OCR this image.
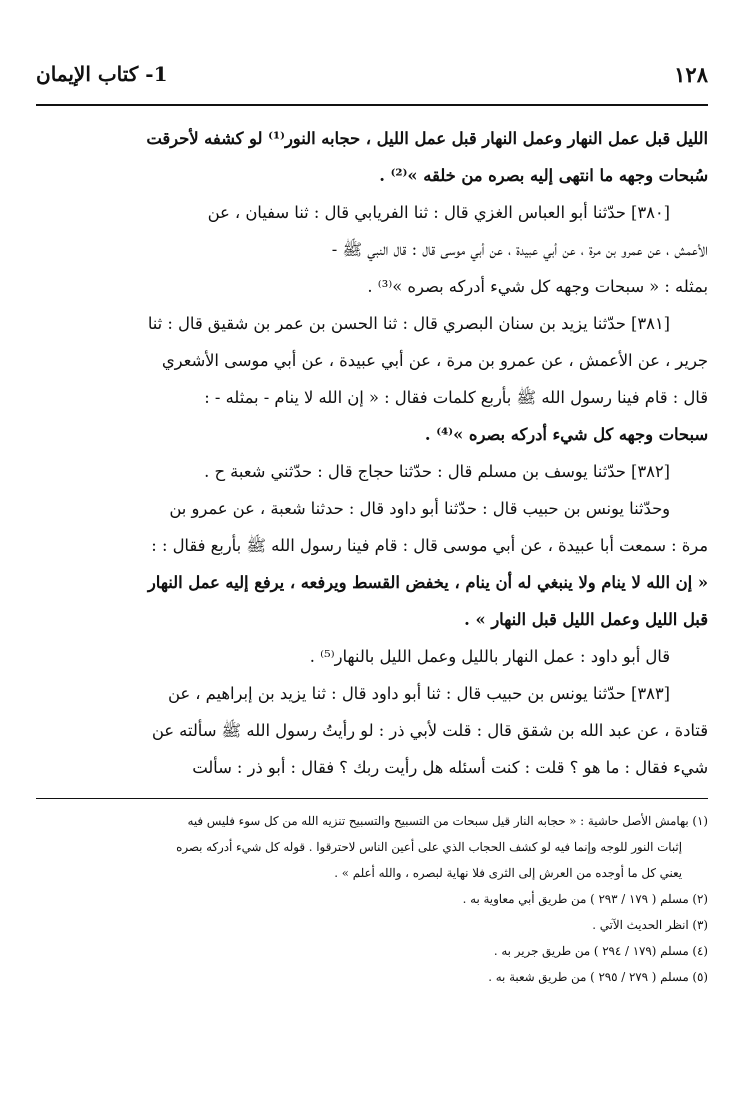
١٢٨
1- كتاب الإيمان
الليل قبل عمل النهار وعمل النهار قبل عمل الليل ، حجابه النور⁽¹⁾ لو كشفه لأحرقت
سُبحات وجهه ما انتهى إليه بصره من خلقه »⁽²⁾ .
[٣٨٠] حدّثنا أبو العباس الغزي قال : ثنا الفريابي قال : ثنا سفيان ، عن
الأعمش ، عن عمرو بن مرة ، عن أبي عبيدة ، عن أبي موسى قال : قال النبي ﷺ -
بمثله : « سبحات وجهه كل شيء أدركه بصره »⁽³⁾ .
[٣٨١] حدّثنا يزيد بن سنان البصري قال : ثنا الحسن بن عمر بن شقيق قال : ثنا
جرير ، عن الأعمش ، عن عمرو بن مرة ، عن أبي عبيدة ، عن أبي موسى الأشعري
قال : قام فينا رسول الله ﷺ بأربع كلمات فقال : « إن الله لا ينام - بمثله - :
سبحات وجهه كل شيء أدركه بصره »⁽⁴⁾ .
[٣٨٢] حدّثنا يوسف بن مسلم قال : حدّثنا حجاج قال : حدّثني شعبة ح .
وحدّثنا يونس بن حبيب قال : حدّثنا أبو داود قال : حدثنا شعبة ، عن عمرو بن
مرة : سمعت أبا عبيدة ، عن أبي موسى قال : قام فينا رسول الله ﷺ بأربع فقال : :
« إن الله لا ينام ولا ينبغي له أن ينام ، يخفض القسط ويرفعه ، يرفع إليه عمل النهار
قبل الليل وعمل الليل قبل النهار » .
قال أبو داود : عمل النهار بالليل وعمل الليل بالنهار⁽⁵⁾ .
[٣٨٣] حدّثنا يونس بن حبيب قال : ثنا أبو داود قال : ثنا يزيد بن إبراهيم ، عن
قتادة ، عن عبد الله بن شقق قال : قلت لأبي ذر : لو رأيتُ رسول الله ﷺ سألته عن
شيء فقال : ما هو ؟ قلت : كنت أسئله هل رأيت ربك ؟ فقال : أبو ذر : سألت
(١) بهامش الأصل حاشية : « حجابه النار قيل سبحات من التسبيح والتسبيح تنزيه الله من كل سوء فليس فيه
إثبات النور للوجه وإنما فيه لو كشف الحجاب الذي على أعين الناس لاحترقوا . قوله كل شيء أدركه بصره
يعني كل ما أوجده من العرش إلى الثرى فلا نهاية لبصره ، والله أعلم » .
(٢) مسلم ( ١٧٩ / ٢٩٣ ) من طريق أبي معاوية به .
(٣) انظر الحديث الآتي .
(٤) مسلم (١٧٩ / ٢٩٤ ) من طريق جرير به .
(٥) مسلم ( ٢٧٩ / ٢٩٥ ) من طريق شعبة به .
